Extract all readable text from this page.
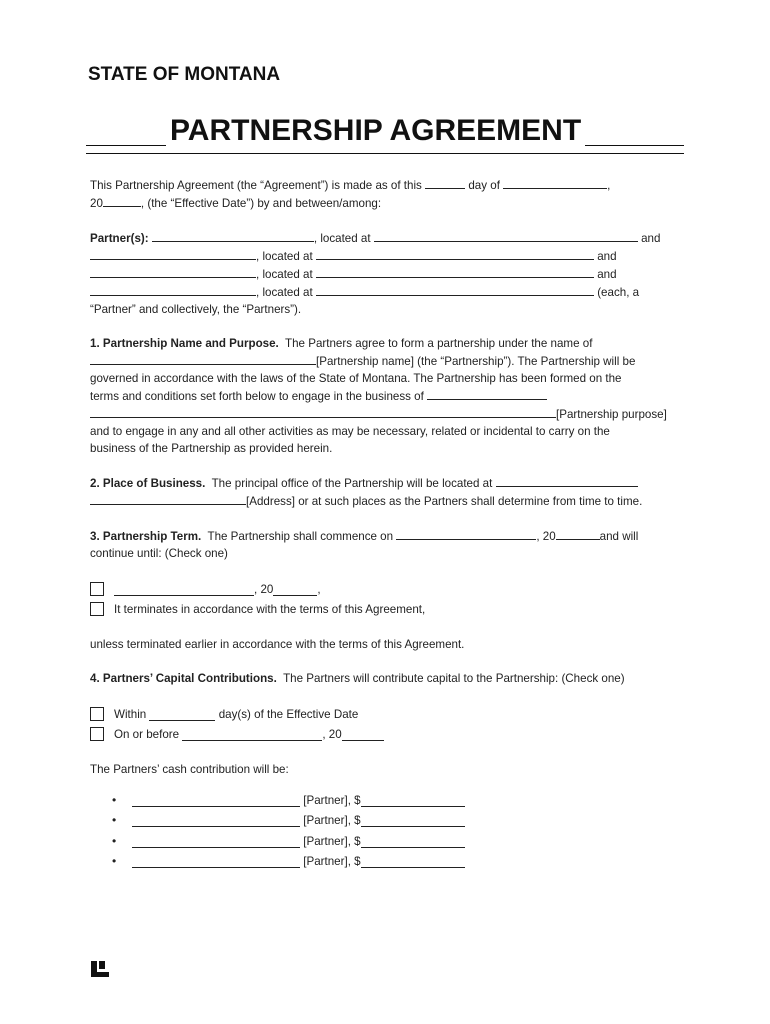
STATE OF MONTANA
PARTNERSHIP AGREEMENT
This Partnership Agreement (the “Agreement”) is made as of this	day of	,
20	, (the “Effective Date”) by and between/among:
Partner(s):	, located at	and
, located at	and
, located at	and
, located at	(each, a
“Partner” and collectively, the “Partners”).
1. Partnership Name and Purpose. The Partners agree to form a partnership under the name of
[Partnership name] (the “Partnership”). The Partnership will be
governed in accordance with the laws of the State of Montana. The Partnership has been formed on the
terms and conditions set forth below to engage in the business of
[Partnership purpose]
and to engage in any and all other activities as may be necessary, related or incidental to carry on the
business of the Partnership as provided herein.
2. Place of Business. The principal office of the Partnership will be located at
[Address] or at such places as the Partners shall determine from time to time.
3. Partnership Term. The Partnership shall commence on	, 20	and will
continue until: (Check one)
, 20	,
It terminates in accordance with the terms of this Agreement,
unless terminated earlier in accordance with the terms of this Agreement.
4. Partners’ Capital Contributions. The Partners will contribute capital to the Partnership: (Check one)
Within

	day(s) of the Effective Date
On or before
	, 20
The Partners’ cash contribution will be:
•
	[Partner], $
•
	[Partner], $
•
	[Partner], $
•
	[Partner], $
